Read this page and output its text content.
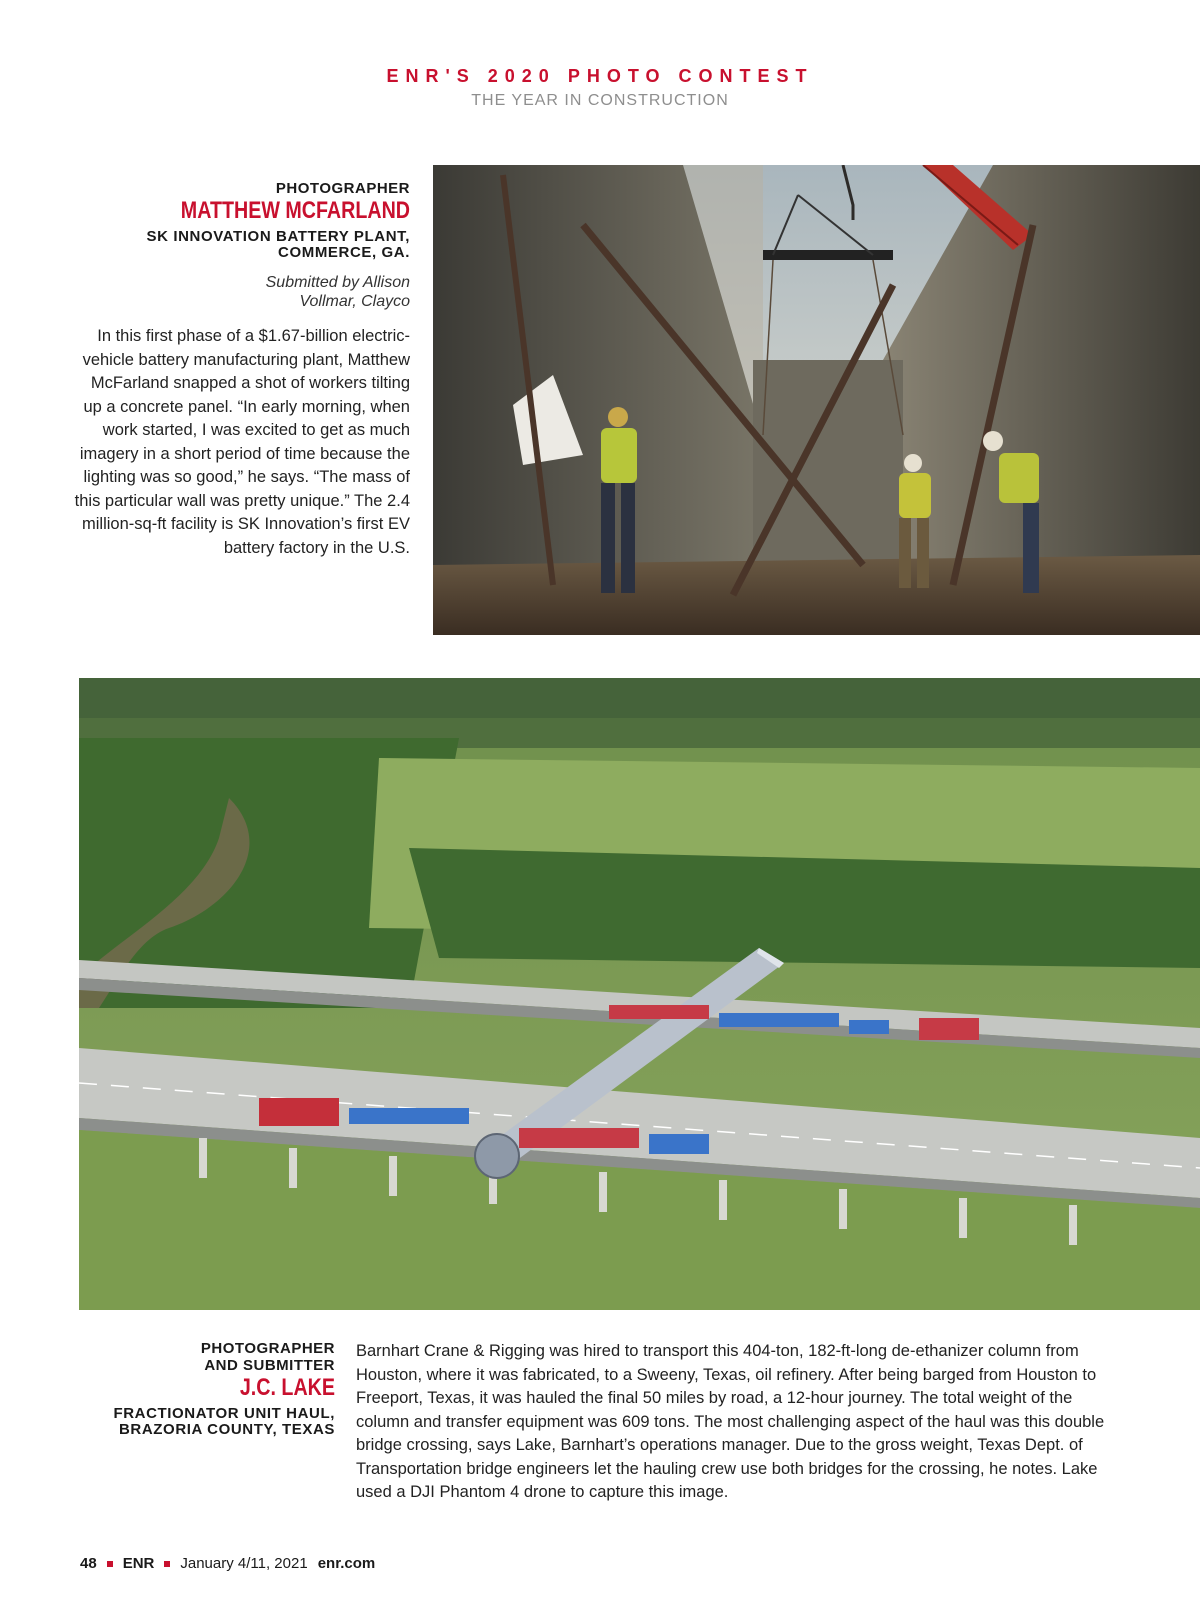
ENR'S 2020 PHOTO CONTEST
THE YEAR IN CONSTRUCTION
PHOTOGRAPHER
MATTHEW MCFARLAND
SK INNOVATION BATTERY PLANT,
COMMERCE, GA.
Submitted by Allison
Vollmar, Clayco
In this first phase of a $1.67-billion electric-vehicle battery manufacturing plant, Matthew McFarland snapped a shot of workers tilting up a concrete panel. “In early morning, when work started, I was excited to get as much imagery in a short period of time because the lighting was so good,” he says. “The mass of this particular wall was pretty unique.” The 2.4 million-sq-ft facility is SK Innovation’s first EV battery factory in the U.S.
PHOTOGRAPHER
AND SUBMITTER
J.C. LAKE
FRACTIONATOR UNIT HAUL,
BRAZORIA COUNTY, TEXAS
Barnhart Crane & Rigging was hired to transport this 404-ton, 182-ft-long de-ethanizer column from Houston, where it was fabricated, to a Sweeny, Texas, oil refinery. After being barged from Houston to Freeport, Texas, it was hauled the final 50 miles by road, a 12-hour journey. The total weight of the column and transfer equipment was 609 tons. The most challenging aspect of the haul was this double bridge crossing, says Lake, Barnhart’s operations manager. Due to the gross weight, Texas Dept. of Transportation bridge engineers let the hauling crew use both bridges for the crossing, he notes. Lake used a DJI Phantom 4 drone to capture this image.
48 ENR January 4/11, 2021 enr.com
